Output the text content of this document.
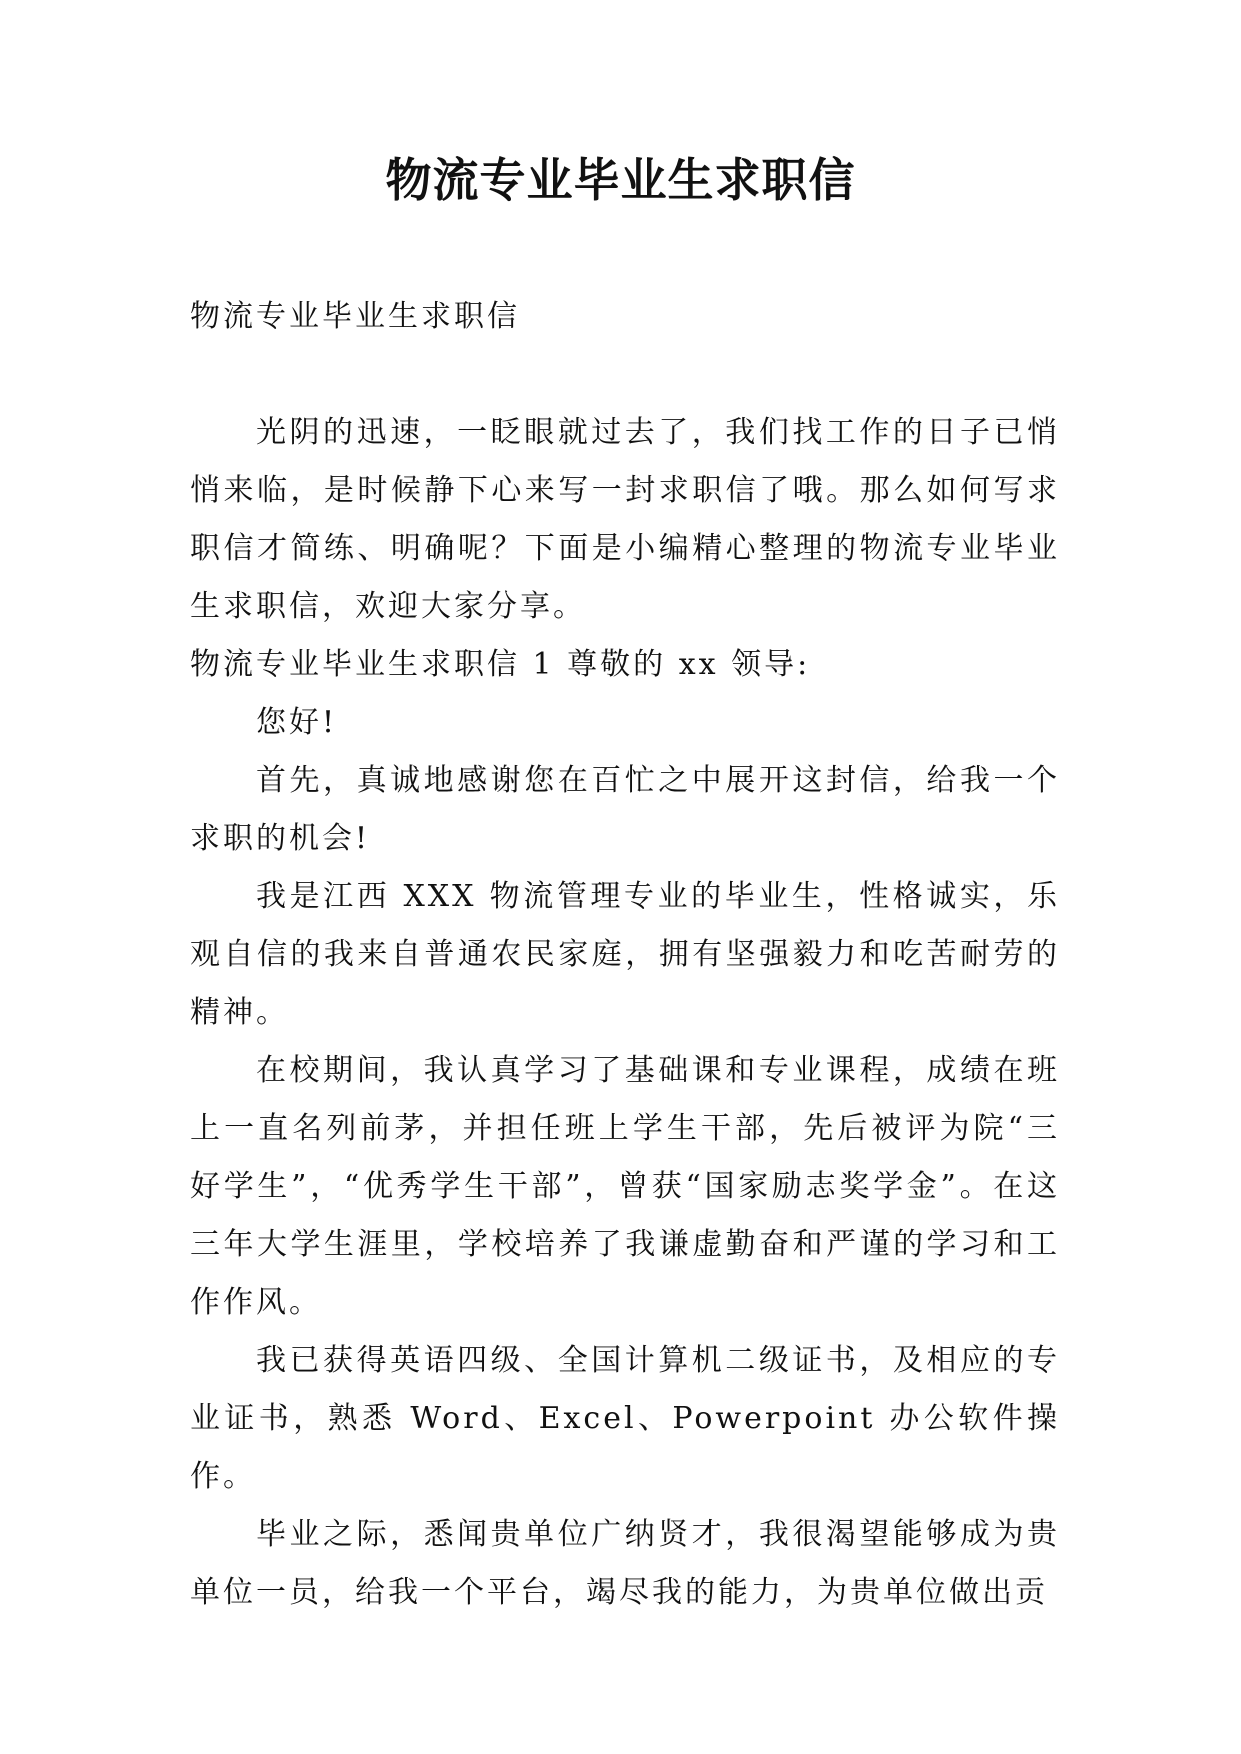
物流专业毕业生求职信

物流专业毕业生求职信

光阴的迅速，一眨眼就过去了，我们找工作的日子已悄悄来临，是时候静下心来写一封求职信了哦。那么如何写求职信才简练、明确呢？下面是小编精心整理的物流专业毕业生求职信，欢迎大家分享。

物流专业毕业生求职信 1 尊敬的 xx 领导:

您好!

首先，真诚地感谢您在百忙之中展开这封信，给我一个求职的机会!

我是江西 XXX 物流管理专业的毕业生，性格诚实，乐观自信的我来自普通农民家庭，拥有坚强毅力和吃苦耐劳的精神。

在校期间，我认真学习了基础课和专业课程，成绩在班上一直名列前茅，并担任班上学生干部，先后被评为院“三好学生”，“优秀学生干部”，曾获“国家励志奖学金”。在这三年大学生涯里，学校培养了我谦虚勤奋和严谨的学习和工作作风。

我已获得英语四级、全国计算机二级证书，及相应的专业证书，熟悉 Word、Excel、Powerpoint 办公软件操作。

毕业之际，悉闻贵单位广纳贤才，我很渴望能够成为贵单位一员，给我一个平台，竭尽我的能力，为贵单位做出贡
